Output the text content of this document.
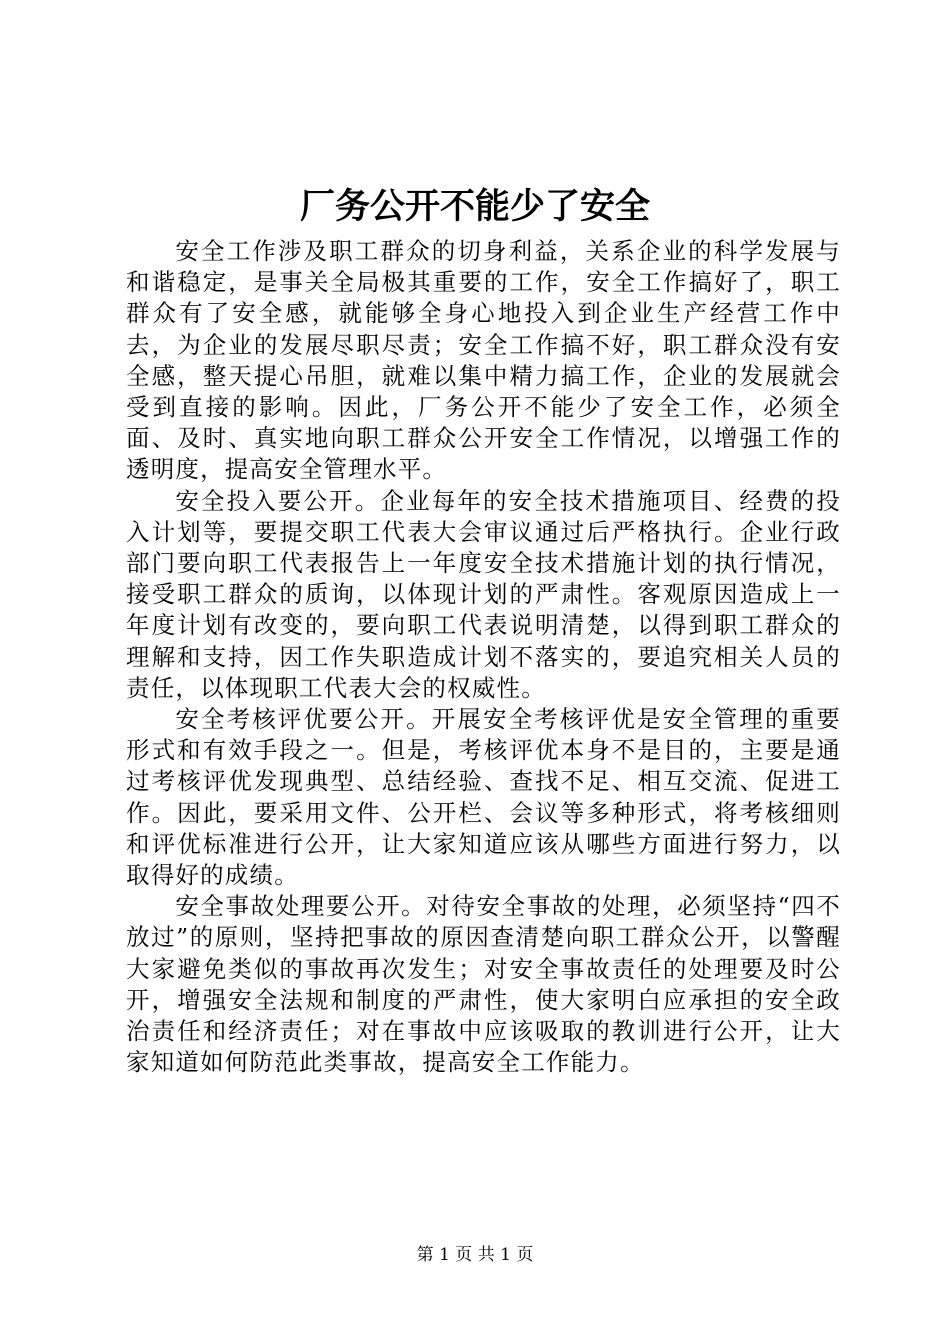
厂务公开不能少了安全

安全工作涉及职工群众的切身利益，关系企业的科学发展与和谐稳定，是事关全局极其重要的工作，安全工作搞好了，职工群众有了安全感，就能够全身心地投入到企业生产经营工作中去，为企业的发展尽职尽责；安全工作搞不好，职工群众没有安全感，整天提心吊胆，就难以集中精力搞工作，企业的发展就会受到直接的影响。因此，厂务公开不能少了安全工作，必须全面、及时、真实地向职工群众公开安全工作情况，以增强工作的透明度，提高安全管理水平。

安全投入要公开。企业每年的安全技术措施项目、经费的投入计划等，要提交职工代表大会审议通过后严格执行。企业行政部门要向职工代表报告上一年度安全技术措施计划的执行情况，接受职工群众的质询，以体现计划的严肃性。客观原因造成上一年度计划有改变的，要向职工代表说明清楚，以得到职工群众的理解和支持，因工作失职造成计划不落实的，要追究相关人员的责任，以体现职工代表大会的权威性。

安全考核评优要公开。开展安全考核评优是安全管理的重要形式和有效手段之一。但是，考核评优本身不是目的，主要是通过考核评优发现典型、总结经验、查找不足、相互交流、促进工作。因此，要采用文件、公开栏、会议等多种形式，将考核细则和评优标准进行公开，让大家知道应该从哪些方面进行努力，以取得好的成绩。

安全事故处理要公开。对待安全事故的处理，必须坚持“四不放过”的原则，坚持把事故的原因查清楚向职工群众公开，以警醒大家避免类似的事故再次发生；对安全事故责任的处理要及时公开，增强安全法规和制度的严肃性，使大家明白应承担的安全政治责任和经济责任；对在事故中应该吸取的教训进行公开，让大家知道如何防范此类事故，提高安全工作能力。

第 1 页 共 1 页
